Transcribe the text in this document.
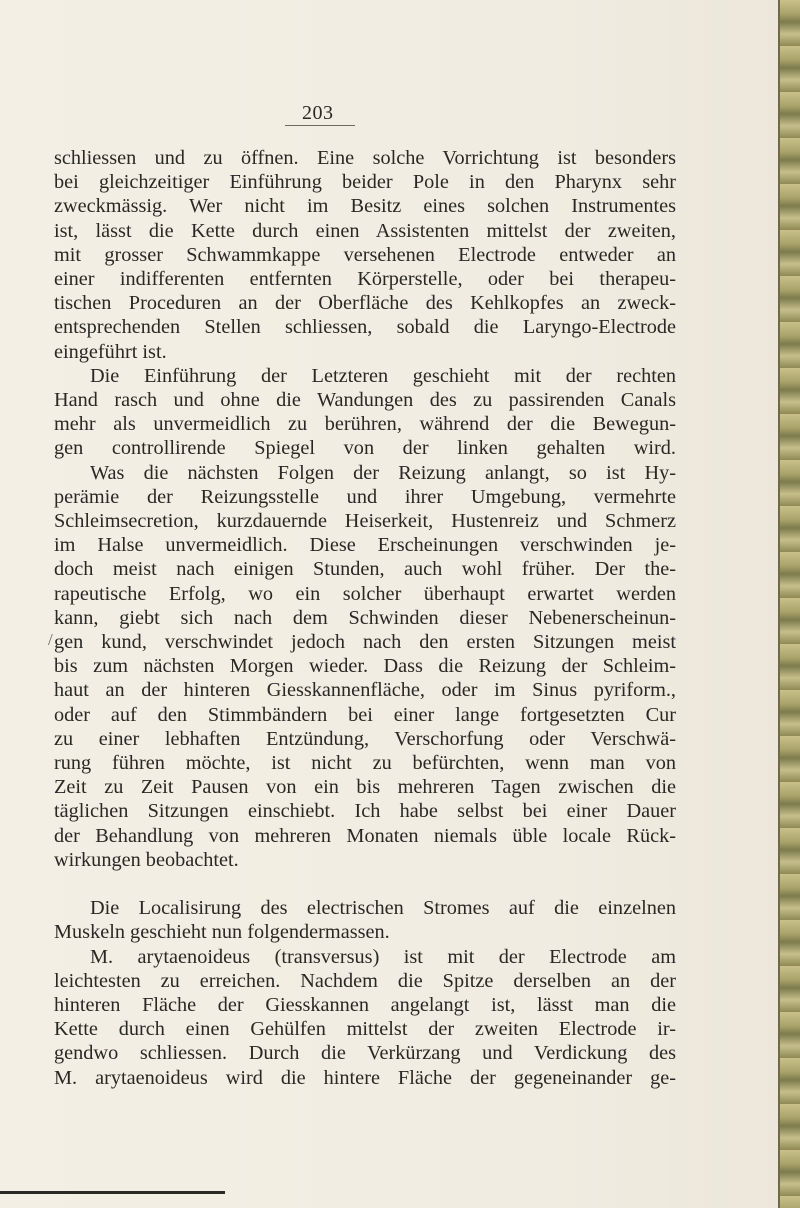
203
schliessen und zu öffnen. Eine solche Vorrichtung ist besonders
bei gleichzeitiger Einführung beider Pole in den Pharynx sehr
zweckmässig. Wer nicht im Besitz eines solchen Instrumentes
ist, lässt die Kette durch einen Assistenten mittelst der zweiten,
mit grosser Schwammkappe versehenen Electrode entweder an
einer indifferenten entfernten Körperstelle, oder bei therapeu-
tischen Proceduren an der Oberfläche des Kehlkopfes an zweck-
entsprechenden Stellen schliessen, sobald die Laryngo-Electrode
eingeführt ist.
Die Einführung der Letzteren geschieht mit der rechten
Hand rasch und ohne die Wandungen des zu passirenden Canals
mehr als unvermeidlich zu berühren, während der die Bewegun-
gen controllirende Spiegel von der linken gehalten wird.
Was die nächsten Folgen der Reizung anlangt, so ist Hy-
perämie der Reizungsstelle und ihrer Umgebung, vermehrte
Schleimsecretion, kurzdauernde Heiserkeit, Hustenreiz und Schmerz
im Halse unvermeidlich. Diese Erscheinungen verschwinden je-
doch meist nach einigen Stunden, auch wohl früher. Der the-
rapeutische Erfolg, wo ein solcher überhaupt erwartet werden
kann, giebt sich nach dem Schwinden dieser Nebenerscheinun-
gen kund, verschwindet jedoch nach den ersten Sitzungen meist
bis zum nächsten Morgen wieder. Dass die Reizung der Schleim-
haut an der hinteren Giesskannenfläche, oder im Sinus pyriform.,
oder auf den Stimmbändern bei einer lange fortgesetzten Cur
zu einer lebhaften Entzündung, Verschorfung oder Verschwä-
rung führen möchte, ist nicht zu befürchten, wenn man von
Zeit zu Zeit Pausen von ein bis mehreren Tagen zwischen die
täglichen Sitzungen einschiebt. Ich habe selbst bei einer Dauer
der Behandlung von mehreren Monaten niemals üble locale Rück-
wirkungen beobachtet.
Die Localisirung des electrischen Stromes auf die einzelnen
Muskeln geschieht nun folgendermassen.
M. arytaenoideus (transversus) ist mit der Electrode am
leichtesten zu erreichen. Nachdem die Spitze derselben an der
hinteren Fläche der Giesskannen angelangt ist, lässt man die
Kette durch einen Gehülfen mittelst der zweiten Electrode ir-
gendwo schliessen. Durch die Verkürzang und Verdickung des
M. arytaenoideus wird die hintere Fläche der gegeneinander ge-
/
